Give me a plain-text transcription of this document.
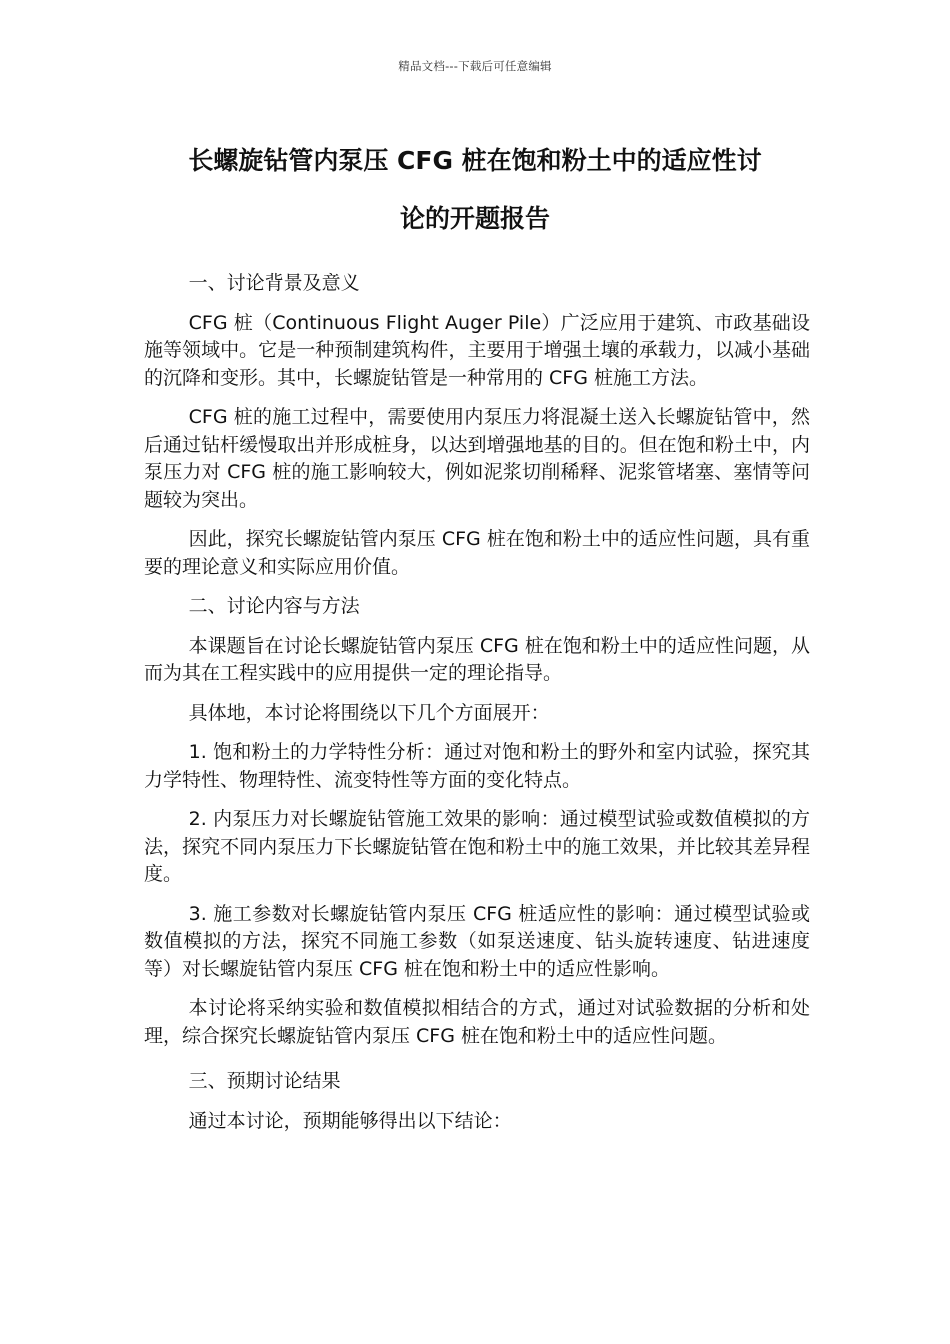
精品文档---下载后可任意编辑
长螺旋钻管内泵压 CFG 桩在饱和粉土中的适应性讨
论的开题报告

一、讨论背景及意义

CFG 桩（Continuous Flight Auger Pile）广泛应用于建筑、市政基础设施等领域中。它是一种预制建筑构件，主要用于增强土壤的承载力，以减小基础的沉降和变形。其中，长螺旋钻管是一种常用的 CFG 桩施工方法。

CFG 桩的施工过程中，需要使用内泵压力将混凝土送入长螺旋钻管中，然后通过钻杆缓慢取出并形成桩身，以达到增强地基的目的。但在饱和粉土中，内泵压力对 CFG 桩的施工影响较大，例如泥浆切削稀释、泥浆管堵塞、塞情等问题较为突出。

因此，探究长螺旋钻管内泵压 CFG 桩在饱和粉土中的适应性问题，具有重要的理论意义和实际应用价值。

二、讨论内容与方法

本课题旨在讨论长螺旋钻管内泵压 CFG 桩在饱和粉土中的适应性问题，从而为其在工程实践中的应用提供一定的理论指导。

具体地，本讨论将围绕以下几个方面展开：

1. 饱和粉土的力学特性分析：通过对饱和粉土的野外和室内试验，探究其力学特性、物理特性、流变特性等方面的变化特点。

2. 内泵压力对长螺旋钻管施工效果的影响：通过模型试验或数值模拟的方法，探究不同内泵压力下长螺旋钻管在饱和粉土中的施工效果，并比较其差异程度。

3. 施工参数对长螺旋钻管内泵压 CFG 桩适应性的影响：通过模型试验或数值模拟的方法，探究不同施工参数（如泵送速度、钻头旋转速度、钻进速度等）对长螺旋钻管内泵压 CFG 桩在饱和粉土中的适应性影响。

本讨论将采纳实验和数值模拟相结合的方式，通过对试验数据的分析和处理，综合探究长螺旋钻管内泵压 CFG 桩在饱和粉土中的适应性问题。

三、预期讨论结果

通过本讨论，预期能够得出以下结论：
